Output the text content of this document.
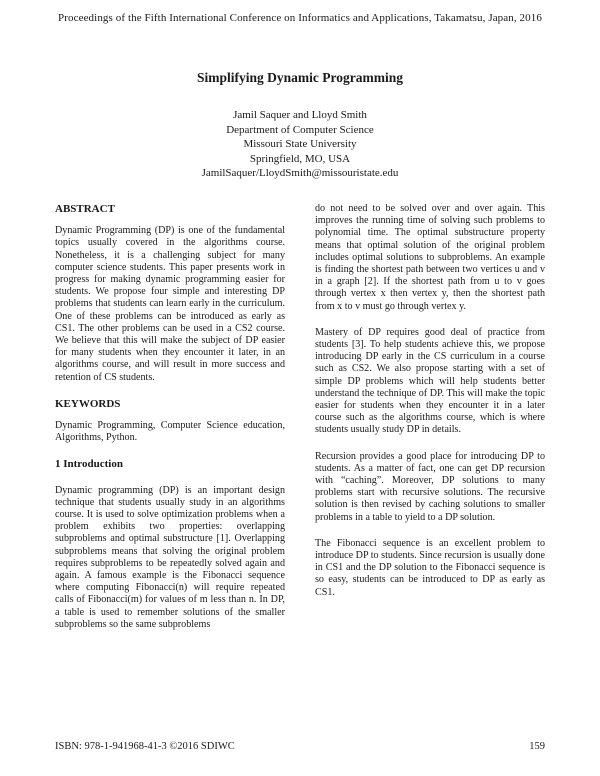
Proceedings of the Fifth International Conference on Informatics and Applications, Takamatsu, Japan, 2016
Simplifying Dynamic Programming
Jamil Saquer and Lloyd Smith
Department of Computer Science
Missouri State University
Springfield, MO, USA
JamilSaquer/LloydSmith@missouristate.edu

ABSTRACT

Dynamic Programming (DP) is one of the fundamental topics usually covered in the algorithms course. Nonetheless, it is a challenging subject for many computer science students. This paper presents work in progress for making dynamic programming easier for students. We propose four simple and interesting DP problems that students can learn early in the curriculum. One of these problems can be introduced as early as CS1. The other problems can be used in a CS2 course. We believe that this will make the subject of DP easier for many students when they encounter it later, in an algorithms course, and will result in more success and retention of CS students.

KEYWORDS

Dynamic Programming, Computer Science education, Algorithms, Python.

1 Introduction

Dynamic programming (DP) is an important design technique that students usually study in an algorithms course. It is used to solve optimization problems when a problem exhibits two properties: overlapping subproblems and optimal substructure [1]. Overlapping subproblems means that solving the original problem requires subproblems to be repeatedly solved again and again. A famous example is the Fibonacci sequence where computing Fibonacci(n) will require repeated calls of Fibonacci(m) for values of m less than n. In DP, a table is used to remember solutions of the smaller subproblems so the same subproblems

do not need to be solved over and over again. This improves the running time of solving such problems to polynomial time. The optimal substructure property means that optimal solution of the original problem includes optimal solutions to subproblems. An example is finding the shortest path between two vertices u and v in a graph [2]. If the shortest path from u to v goes through vertex x then vertex y, then the shortest path from x to v must go through vertex y.

Mastery of DP requires good deal of practice from students [3]. To help students achieve this, we propose introducing DP early in the CS curriculum in a course such as CS2. We also propose starting with a set of simple DP problems which will help students better understand the technique of DP. This will make the topic easier for students when they encounter it in a later course such as the algorithms course, which is where students usually study DP in details.

Recursion provides a good place for introducing DP to students. As a matter of fact, one can get DP recursion with “caching”. Moreover, DP solutions to many problems start with recursive solutions. The recursive solution is then revised by caching solutions to smaller problems in a table to yield to a DP solution.

The Fibonacci sequence is an excellent problem to introduce DP to students. Since recursion is usually done in CS1 and the DP solution to the Fibonacci sequence is so easy, students can be introduced to DP as early as CS1.

ISBN: 978-1-941968-41-3 ©2016 SDIWC	159
